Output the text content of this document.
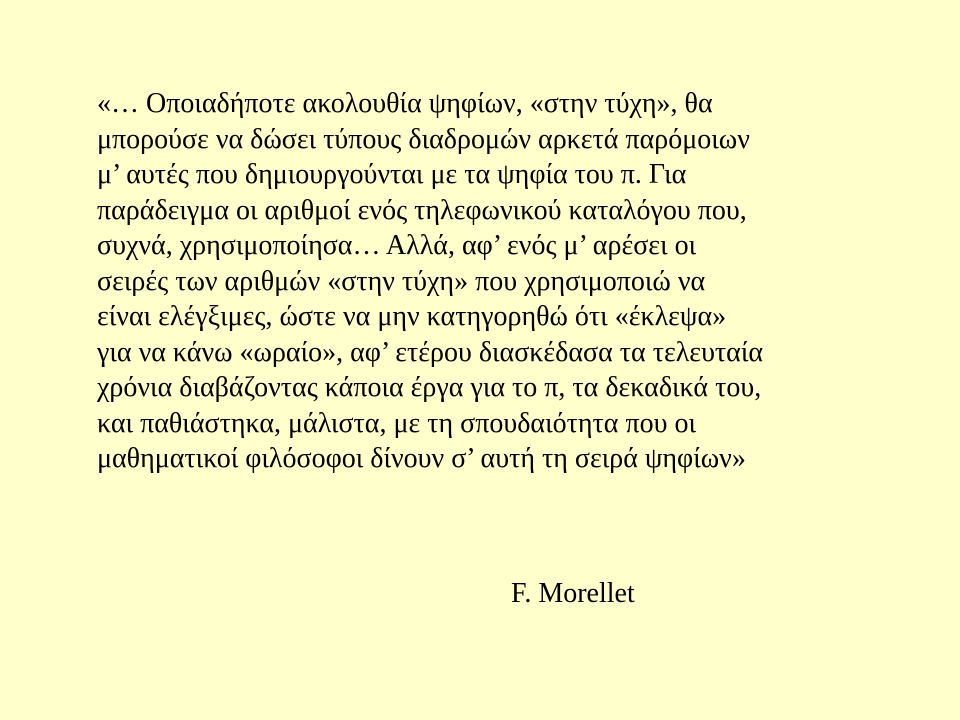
«… Οποιαδήποτε ακολουθία ψηφίων, «στην τύχη», θα
μπορούσε να δώσει τύπους διαδρομών αρκετά παρόμοιων
μ’ αυτές που δημιουργούνται με τα ψηφία του π. Για
παράδειγμα οι αριθμοί ενός τηλεφωνικού καταλόγου που,
συχνά, χρησιμοποίησα… Αλλά, αφ’ ενός μ’ αρέσει οι
σειρές των αριθμών «στην τύχη» που χρησιμοποιώ να
είναι ελέγξιμες, ώστε να μην κατηγορηθώ ότι «έκλεψα»
για να κάνω «ωραίο», αφ’ ετέρου διασκέδασα τα τελευταία
χρόνια διαβάζοντας κάποια έργα για το π, τα δεκαδικά του,
και παθιάστηκα, μάλιστα, με τη σπουδαιότητα που οι
μαθηματικοί φιλόσοφοι δίνουν σ’ αυτή τη σειρά ψηφίων»
F. Morellet
